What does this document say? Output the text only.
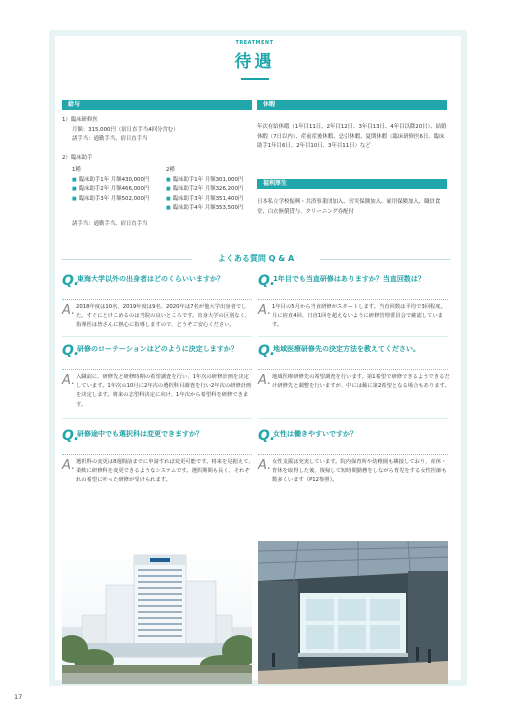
TREATMENT
待遇
給与
1）臨床研修医
月額：315,000円（宿日直手当4回分含む）
諸手当：通勤手当、宿日直手当
2）臨床助手
1種
■ 臨床助手1年 月額430,000円
■ 臨床助手2年 月額466,000円
■ 臨床助手3年 月額502,000円
2種
■ 臨床助手1年 月額301,000円
■ 臨床助手2年 月額326,200円
■ 臨床助手3年 月額351,400円
■ 臨床助手4年 月額353,500円
諸手当：通勤手当、宿日直手当
休暇
年次有給休暇（1年目11日、2年目12日、3年目13日、4年目以降20日）、結婚休暇（7日以内）、産前産後休暇、忌引休暇、夏期休暇（臨床研修医6日、臨床助手1年目6日、2年目10日、3年目11日）など
福利厚生
日本私立学校振興・共済事業団加入、労災保険加入、雇用保険加入、職員食堂、白衣無償貸与、クリーニング券配付
よくある質問 Q & A
Q.
東海大学以外の出身者はどのくらいいますか？
A. 2018年度は10名、2019年度は9名、2020年は7名が他大学出身者でした。すぐにとけこめるのは当院の良いところです。出身大学の区別なく、指導医は皆さんに熱心に指導しますので、どうぞご安心ください。
Q.
1年目でも当直研修はありますか？当直回数は？
A. 1年目の5月から当直研修がスタートします。当直回数は平均で3回程度。月に宿直4回、日直1回を超えないように研修管理委員会で確認しています。
Q.
研修のローテーションはどのように決定しますか？
A. 入職前に、研修先と研修時期の希望調査を行い、1年次の研修計画を決定しています。1年次の10月に2年次の選択科目調査を行い2年次の研修計画を決定します。将来の志望科決定に向け、1年次から希望科を研修できます。
Q.
地域医療研修先の決定方法を教えてください。
A. 地域医療研修先の希望調査を行います。第1希望で研修できるようできるだけ研修先と調整を行いますが、中には稀に第2希望となる場合もあります。
Q.
研修途中でも選択科は変更できますか？
A. 選択科の変更は8週間前までに申請すれば変更可能です。将来を見据えて、柔軟に研修科を変更できるようなシステムです。選択期間も長く、それぞれの希望に叶った研修が受けられます。
Q.
女性は働きやすいですか？
A. 女性支援は充実しています。院内保育所や幼稚園も隣接しており、産休・育休を取得した後、復帰して短時間勤務をしながら育児をする女性医師も数多くいます（P12参照）。
17
